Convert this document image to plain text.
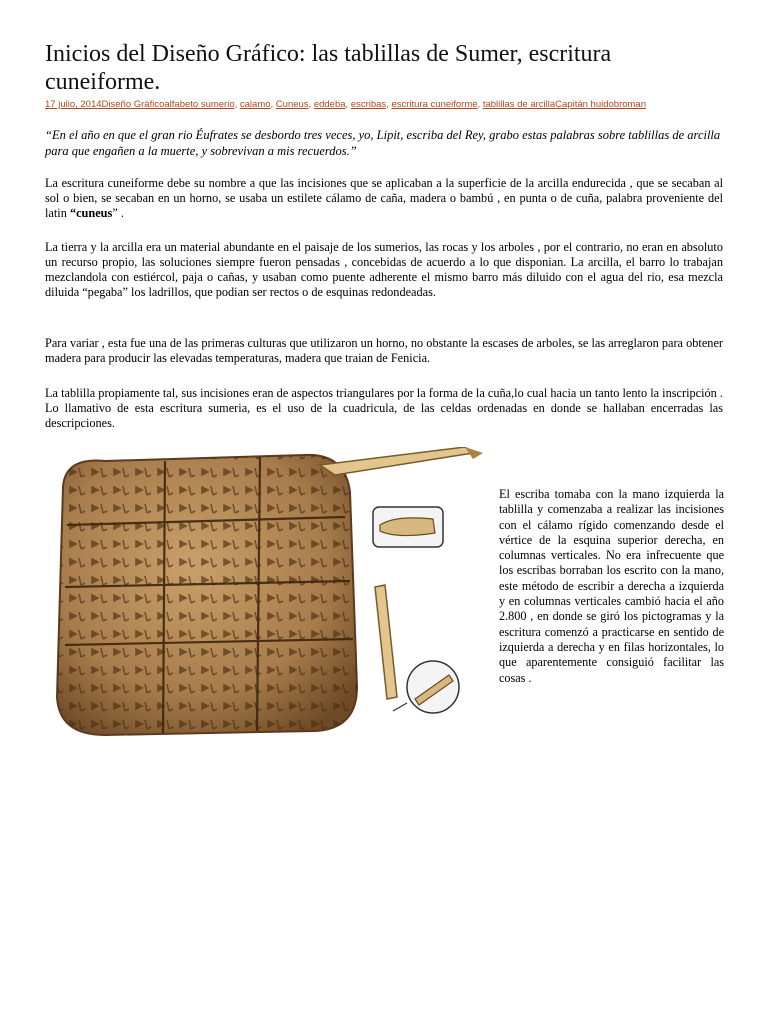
Inicios del Diseño Gráfico: las tablillas de Sumer, escritura cuneiforme.
17 julio, 2014Diseño Gráficoalfabeto sumerio, calamo, Cuneus, eddeba, escribas, escritura cuneiforme, tablillas de arcillaCapitán huidobroman
“En el año en que el gran rio Éufrates se desbordo tres veces, yo, Lipit, escriba del Rey, grabo estas palabras sobre tablillas de arcilla para que engañen a la muerte, y sobrevivan a mis recuerdos.”

La escritura cuneiforme debe su nombre a que las incisiones que se aplicaban a la superficie de la arcilla endurecida , que se secaban al sol o bien, se secaban en un horno, se usaba un estilete cálamo de caña, madera o bambú , en punta o de cuña, palabra proveniente del latin “cuneus” .

La tierra y la arcilla era un material abundante en el paisaje de los sumerios, las rocas y los arboles , por el contrario, no eran en absoluto un recurso propio, las soluciones siempre fueron pensadas , concebidas de acuerdo a lo que disponian. La arcilla, el barro lo trabajan mezclandola con estiércol, paja o cañas, y usaban como puente adherente el mismo barro más diluido con el agua del rio, esa mezcla diluida “pegaba” los ladrillos, que podian ser rectos o de esquinas redondeadas.

Para variar , esta fue una de las primeras culturas que utilizaron un horno, no obstante la escases de arboles, se las arreglaron para obtener madera para producir las elevadas temperaturas, madera que traian de Fenicia.

La tablilla propiamente tal, sus incisiones eran de aspectos triangulares por la forma de la cuña,lo cual hacia un tanto lento la inscripción . Lo llamativo de esta escritura sumeria, es el uso de la cuadricula, de las celdas ordenadas en donde se hallaban encerradas las descripciones.

El escriba tomaba con la mano izquierda la tablilla y comenzaba a realizar las incisiones con el cálamo rígido comenzando desde el vértice de la esquina superior derecha, en columnas verticales. No era infrecuente que los escribas borraban los escrito con la mano, este método de escribir a derecha a izquierda y en columnas verticales cambió hacia el año 2.800 , en donde se giró los pictogramas y la escritura comenzó a practicarse en sentido de izquierda a derecha y en filas horizontales, lo que aparentemente consiguió facilitar las cosas .
